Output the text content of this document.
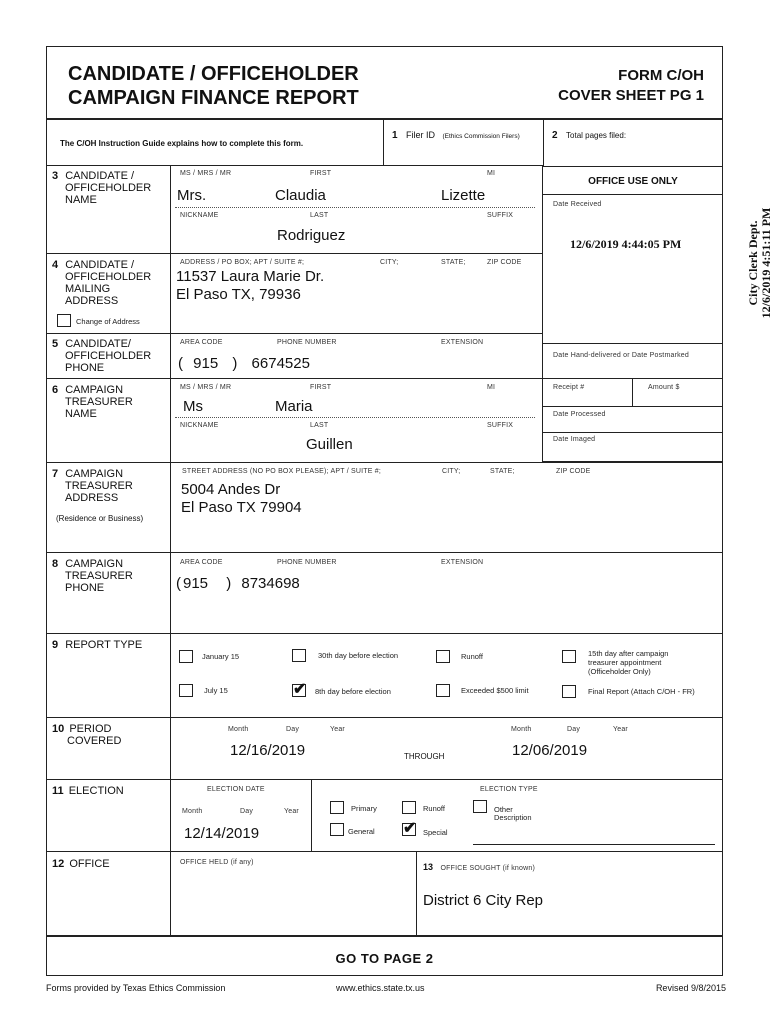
CANDIDATE / OFFICEHOLDER
CAMPAIGN FINANCE REPORT
FORM C/OH
COVER SHEET PG 1
The C/OH Instruction Guide explains how to complete this form.
1 Filer ID (Ethics Commission Filers)	2 Total pages filed:
OFFICE USE ONLY
Date Received
12/6/2019 4:44:05 PM
Date Hand-delivered or Date Postmarked
Receipt #	Amount $
Date Processed
Date Imaged
City Clerk Dept. 12/6/2019 4:51:11 PM
3 CANDIDATE /
OFFICEHOLDER
NAME
MS / MRS / MR	FIRST	MI
Mrs.	Claudia	Lizette
NICKNAME	LAST	SUFFIX
Rodriguez
4 CANDIDATE /
OFFICEHOLDER
MAILING
ADDRESS
Change of Address
ADDRESS / PO BOX; APT / SUITE #;	CITY;	STATE;	ZIP CODE
11537 Laura Marie Dr.
El Paso TX, 79936
5 CANDIDATE/
OFFICEHOLDER
PHONE
AREA CODE	PHONE NUMBER	EXTENSION
( 915 ) 6674525
6 CAMPAIGN
TREASURER
NAME
MS / MRS / MR	FIRST	MI
Ms	Maria
NICKNAME	LAST	SUFFIX
Guillen
7 CAMPAIGN
TREASURER
ADDRESS
(Residence or Business)
STREET ADDRESS (NO PO BOX PLEASE); APT / SUITE #;	CITY;	STATE;	ZIP CODE
5004 Andes Dr
El Paso TX 79904
8 CAMPAIGN
TREASURER
PHONE
AREA CODE	PHONE NUMBER	EXTENSION
( 915 ) 8734698
9 REPORT TYPE
January 15	30th day before election	Runoff	15th day after campaign
treasurer appointment
(Officeholder Only)
July 15	✔ 8th day before election	Exceeded $500 limit	Final Report (Attach C/OH - FR)
10 PERIOD
COVERED
Month	Day	Year
12/16/2019	THROUGH
Month	Day	Year
12/06/2019
11 ELECTION	ELECTION DATE
Month	Day	Year
12/14/2019
ELECTION TYPE
Primary	Runoff	Other
Description
General ✔ Special
12 OFFICE	OFFICE HELD (if any)	13 OFFICE SOUGHT (if known)
District 6 City Rep
GO TO PAGE 2
Forms provided by Texas Ethics Commission	www.ethics.state.tx.us	Revised 9/8/2015
